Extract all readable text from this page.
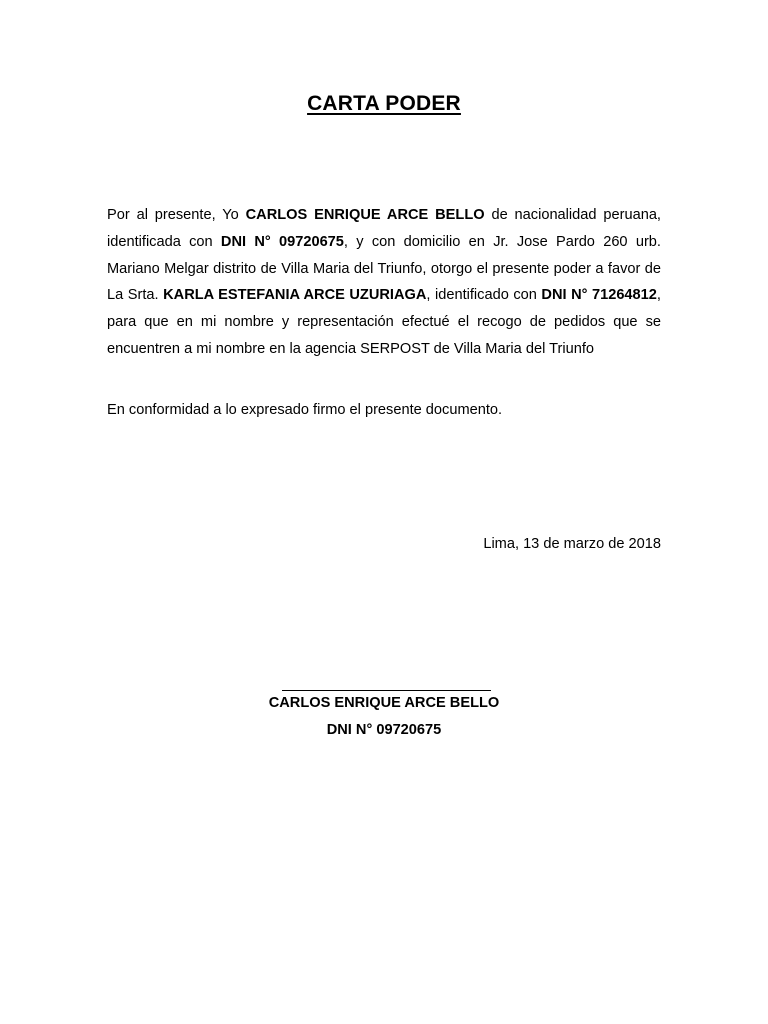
CARTA PODER
Por al presente, Yo CARLOS ENRIQUE ARCE BELLO de nacionalidad peruana, identificada con DNI N° 09720675, y con domicilio en Jr. Jose Pardo 260 urb. Mariano Melgar distrito de Villa Maria del Triunfo, otorgo el presente poder a favor de La Srta. KARLA ESTEFANIA ARCE UZURIAGA, identificado con DNI N° 71264812, para que en mi nombre y representación efectué el recogo de pedidos que se encuentren a mi nombre en la agencia SERPOST de Villa Maria del Triunfo
En conformidad a lo expresado firmo el presente documento.
Lima, 13 de marzo de 2018
CARLOS ENRIQUE ARCE BELLO
DNI N° 09720675
